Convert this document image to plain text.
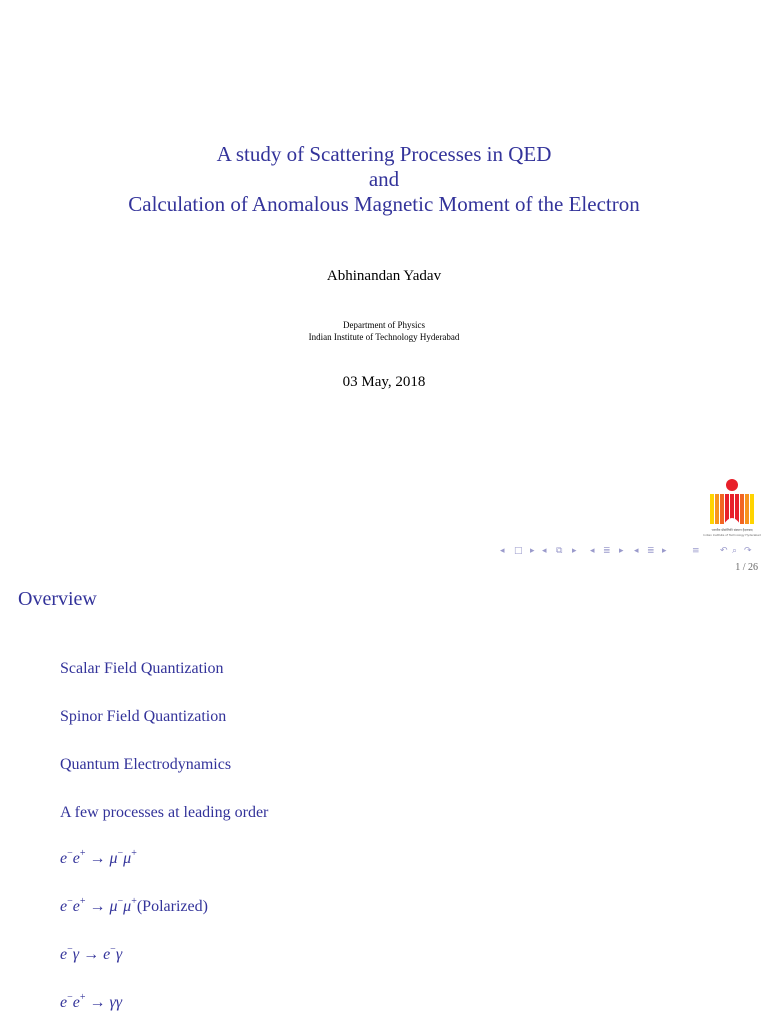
A study of Scattering Processes in QED
and
Calculation of Anomalous Magnetic Moment of the Electron
Abhinandan Yadav
Department of Physics
Indian Institute of Technology Hyderabad
03 May, 2018
भारतीय प्रौद्योगिकी संस्थान हैदराबाद
Indian Institute of Technology Hyderabad
◂ □ ▸ ◂ ⧉ ▸ ◂ ≣ ▸ ◂ ≣ ▸	≡ ↶ ⌕ ↷
1 / 26
Overview
Scalar Field Quantization
Spinor Field Quantization
Quantum Electrodynamics
A few processes at leading order
e−e+ → μ−μ+
e−e+ → μ−μ+(Polarized)
e−γ → e−γ
e−e+ → γγ
